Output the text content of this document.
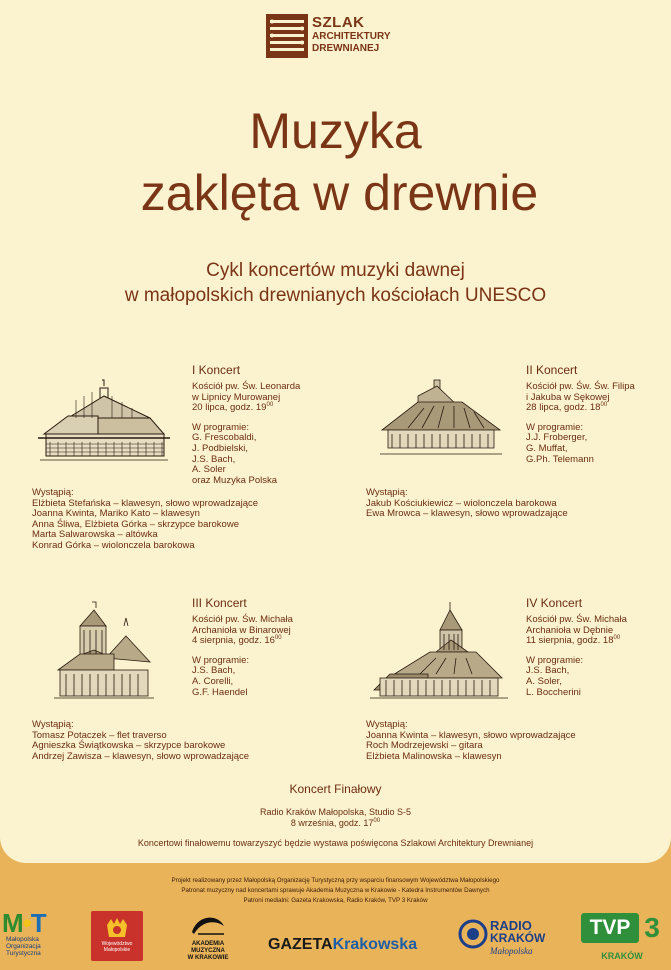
SZLAK
ARCHITEKTURY
DREWNIANEJ
Muzyka
zaklęta w drewnie
Cykl koncertów muzyki dawnej
w małopolskich drewnianych kościołach UNESCO
I Koncert
Kościół pw. Św. Leonarda
w Lipnicy Murowanej
20 lipca, godz. $19^{00}$
W programie:
G. Frescobaldi,
J. Podbielski,
J.S. Bach,
A. Soler
oraz Muzyka Polska
Wystąpią:
Elżbieta Stefańska – klawesyn, słowo wprowadzające
Joanna Kwinta, Mariko Kato – klawesyn
Anna Śliwa, Elżbieta Górka – skrzypce barokowe
Marta Salwarowska – altówka
Konrad Górka – wiolonczela barokowa
II Koncert
Kościół pw. Św. Św. Filipa
i Jakuba w Sękowej
28 lipca, godz. $18^{00}$
W programie:
J.J. Froberger,
G. Muffat,
G.Ph. Telemann
Wystąpią:
Jakub Kościukiewicz – wiolonczela barokowa
Ewa Mrowca – klawesyn, słowo wprowadzające
III Koncert
Kościół pw. Św. Michała
Archanioła w Binarowej
4 sierpnia, godz. $16^{00}$
W programie:
J.S. Bach,
A. Corelli,
G.F. Haendel
Wystąpią:
Tomasz Potaczek – flet traverso
Agnieszka Świątkowska – skrzypce barokowe
Andrzej Zawisza – klawesyn, słowo wprowadzające
IV Koncert
Kościół pw. Św. Michała
Archanioła w Dębnie
11 sierpnia, godz. $18^{00}$
W programie:
J.S. Bach,
A. Soler,
L. Boccherini
Wystąpią:
Joanna Kwinta – klawesyn, słowo wprowadzające
Roch Modrzejewski – gitara
Elżbieta Malinowska – klawesyn
Koncert Finałowy
Radio Kraków Małopolska, Studio S-5
8 września, godz. $17^{00}$
Koncertowi finałowemu towarzyszyć będzie wystawa poświęcona Szlakowi Architektury Drewnianej
Projekt realizowany przez Małopolską Organizację Turystyczną przy wsparciu finansowym Województwa Małopolskiego
Patronat muzyczny nad koncertami sprawuje Akademia Muzyczna w Krakowie - Katedra Instrumentów Dawnych
Patroni medialni: Gazeta Krakowska, Radio Kraków, TVP 3 Kraków
M•T
Małopolska
Organizacja
Turystyczna
Województwo
Małopolskie
AKADEMIA
MUZYCZNA
W KRAKOWIE
GAZETAKrakowska
RADIO
KRAKÓW
Małopolska
TVP 3
KRAKÓW
